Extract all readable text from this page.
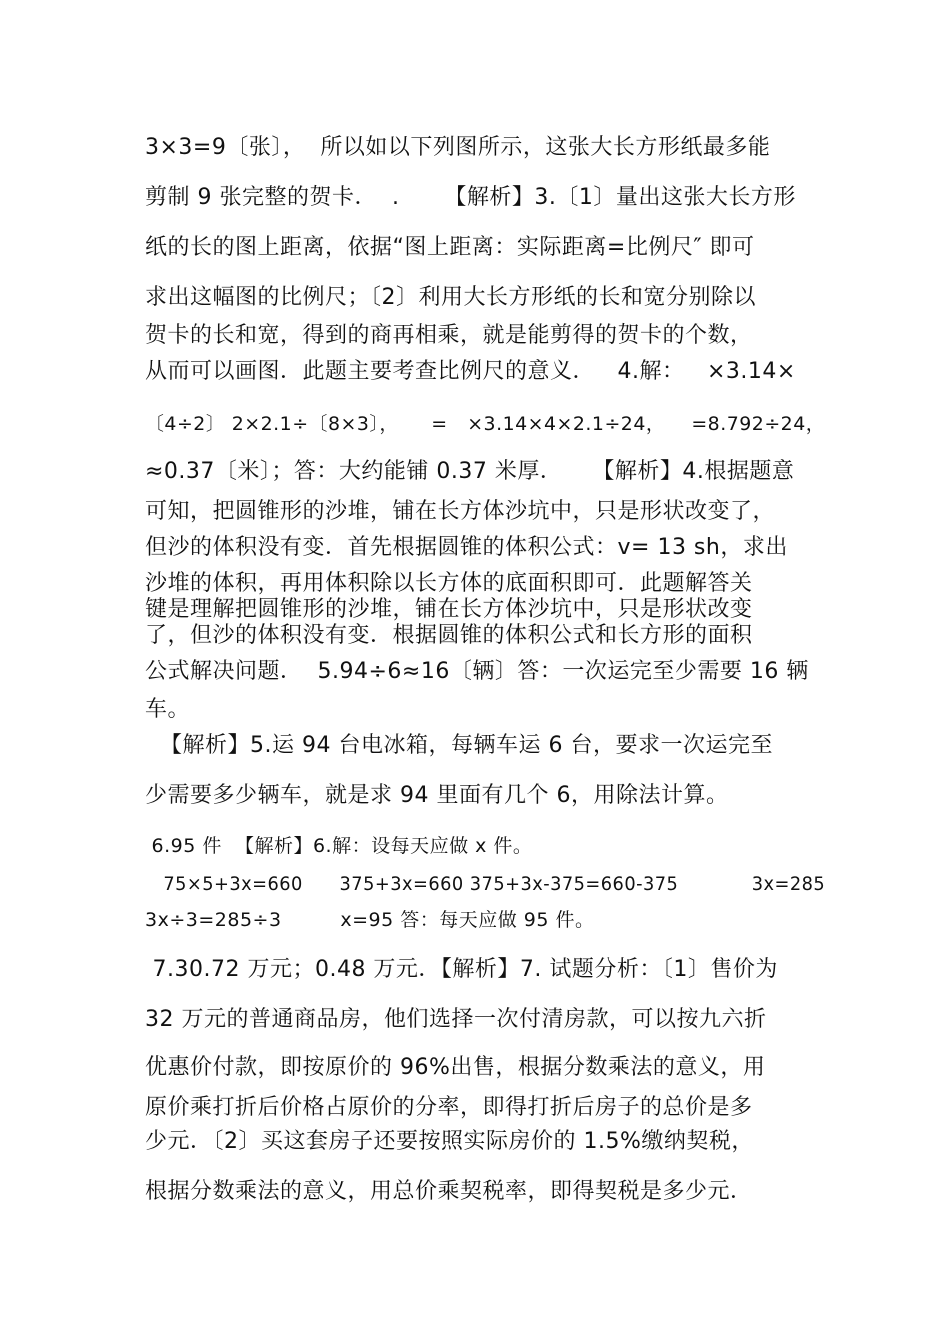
3×3=9〔张〕，  所以如以下列图所示，这张大长方形纸最多能
剪制 9 张完整的贺卡．  .      【解析】3.〔1〕量出这张大长方形
纸的长的图上距离，依据“图上距离：实际距离=比例尺″ 即可
求出这幅图的比例尺；〔2〕利用大长方形纸的长和宽分别除以
贺卡的长和宽，得到的商再相乘，就是能剪得的贺卡的个数，
从而可以画图．此题主要考查比例尺的意义．   4.解：   ×3.14×
〔4÷2〕 2×2.1÷〔8×3〕，     =   ×3.14×4×2.1÷24，    =8.792÷24，
≈0.37〔米〕；答：大约能铺 0.37 米厚．    【解析】4.根据题意
可知，把圆锥形的沙堆，铺在长方体沙坑中，只是形状改变了，
但沙的体积没有变．首先根据圆锥的体积公式：v= 13 sh，求出
沙堆的体积，再用体积除以长方体的底面积即可．此题解答关
键是理解把圆锥形的沙堆，铺在长方体沙坑中，只是形状改变
了，但沙的体积没有变．根据圆锥的体积公式和长方形的面积
公式解决问题．  5.94÷6≈16〔辆〕答：一次运完至少需要 16 辆
车。
【解析】5.运 94 台电冰箱，每辆车运 6 台，要求一次运完至
少需要多少辆车，就是求 94 里面有几个 6，用除法计算。
6.95 件  【解析】6.解：设每天应做 x 件。
75×5+3x=660      375+3x=660 375+3x-375=660-375            3x=285
3x÷3=285÷3         x=95 答：每天应做 95 件。
7.30.72 万元；0.48 万元．【解析】7. 试题分析：〔1〕售价为
32 万元的普通商品房，他们选择一次付清房款，可以按九六折
优惠价付款，即按原价的 96%出售，根据分数乘法的意义，用
原价乘打折后价格占原价的分率，即得打折后房子的总价是多
少元．〔2〕买这套房子还要按照实际房价的 1.5%缴纳契税，
根据分数乘法的意义，用总价乘契税率，即得契税是多少元．
